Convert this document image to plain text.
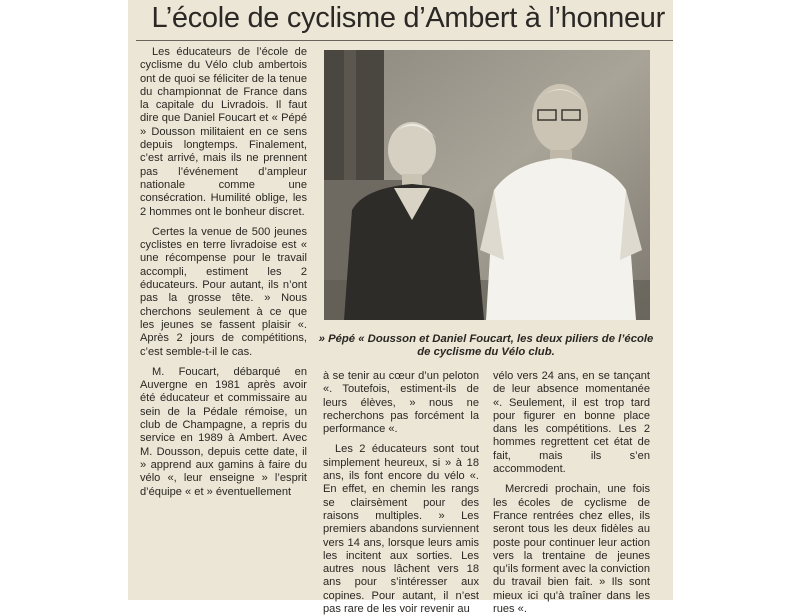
L’école de cyclisme d’Ambert à l’honneur

Les éducateurs de l’école de cyclisme du Vélo club ambertois ont de quoi se féliciter de la tenue du championnat de France dans la capitale du Livradois. Il faut dire que Daniel Foucart et « Pépé » Dousson militaient en ce sens depuis longtemps. Finalement, c’est arrivé, mais ils ne prennent pas l’événement d’ampleur nationale comme une consécration. Humilité oblige, les 2 hommes ont le bonheur discret.

Certes la venue de 500 jeunes cyclistes en terre livradoise est « une récompense pour le travail accompli, estiment les 2 éducateurs. Pour autant, ils n’ont pas la grosse tête. » Nous cherchons seulement à ce que les jeunes se fassent plaisir «. Après 2 jours de compétitions, c’est semble-t-il le cas.

M. Foucart, débarqué en Auvergne en 1981 après avoir été éducateur et commissaire au sein de la Pédale rémoise, un club de Champagne, a repris du service en 1989 à Ambert. Avec M. Dousson, depuis cette date, il » apprend aux gamins à faire du vélo «, leur enseigne » l’esprit d’équipe « et » éventuellement

» Pépé « Dousson et Daniel Foucart, les deux piliers de l’école de cyclisme du Vélo club.

à se tenir au cœur d’un peloton «. Toutefois, estiment-ils de leurs élèves, » nous ne recherchons pas forcément la performance «.

Les 2 éducateurs sont tout simplement heureux, si » à 18 ans, ils font encore du vélo «. En effet, en chemin les rangs se clairsèment pour des raisons multiples. » Les premiers abandons surviennent vers 14 ans, lorsque leurs amis les incitent aux sorties. Les autres nous lâchent vers 18 ans pour s’intéresser aux copines. Pour autant, il n’est pas rare de les voir revenir au

vélo vers 24 ans, en se tançant de leur absence momentanée «. Seulement, il est trop tard pour figurer en bonne place dans les compétitions. Les 2 hommes regrettent cet état de fait, mais ils s’en accommodent.

Mercredi prochain, une fois les écoles de cyclisme de France rentrées chez elles, ils seront tous les deux fidèles au poste pour continuer leur action vers la trentaine de jeunes qu’ils forment avec la conviction du travail bien fait. » Ils sont mieux ici qu’à traîner dans les rues «.
